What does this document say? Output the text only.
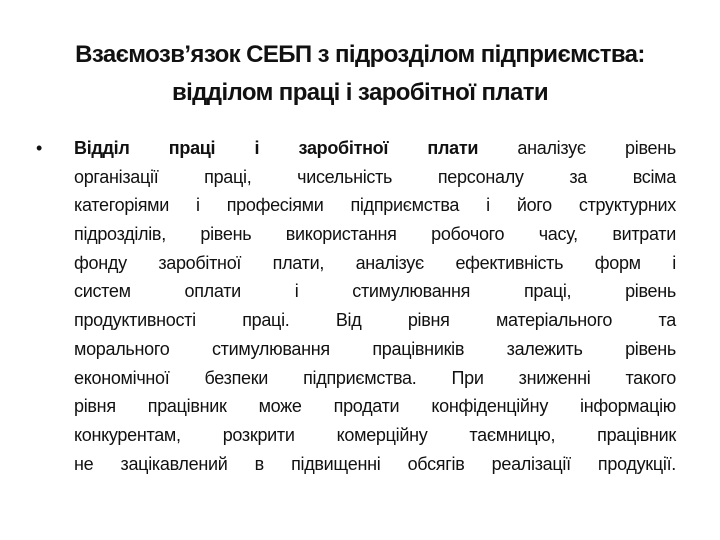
Взаємозв’язок СЕБП з підрозділом підприємства:
відділом праці і заробітної плати
• Відділ праці і заробітної плати аналізує рівень
організації	праці,	чисельність	персоналу	за	всіма
категоріями і професіями підприємства і його структурних
підрозділів, рівень використання робочого часу, витрати
фонду заробітної плати, аналізує ефективність форм і
систем	оплати	і	стимулювання	праці,	рівень
продуктивності	праці.	Від	рівня	матеріального	та
морального стимулювання працівників залежить рівень
економічної безпеки підприємства. При зниженні такого
рівня працівник може продати конфіденційну інформацію
конкурентам, розкрити комерційну таємницю, працівник
не зацікавлений в підвищенні обсягів реалізації продукції.
